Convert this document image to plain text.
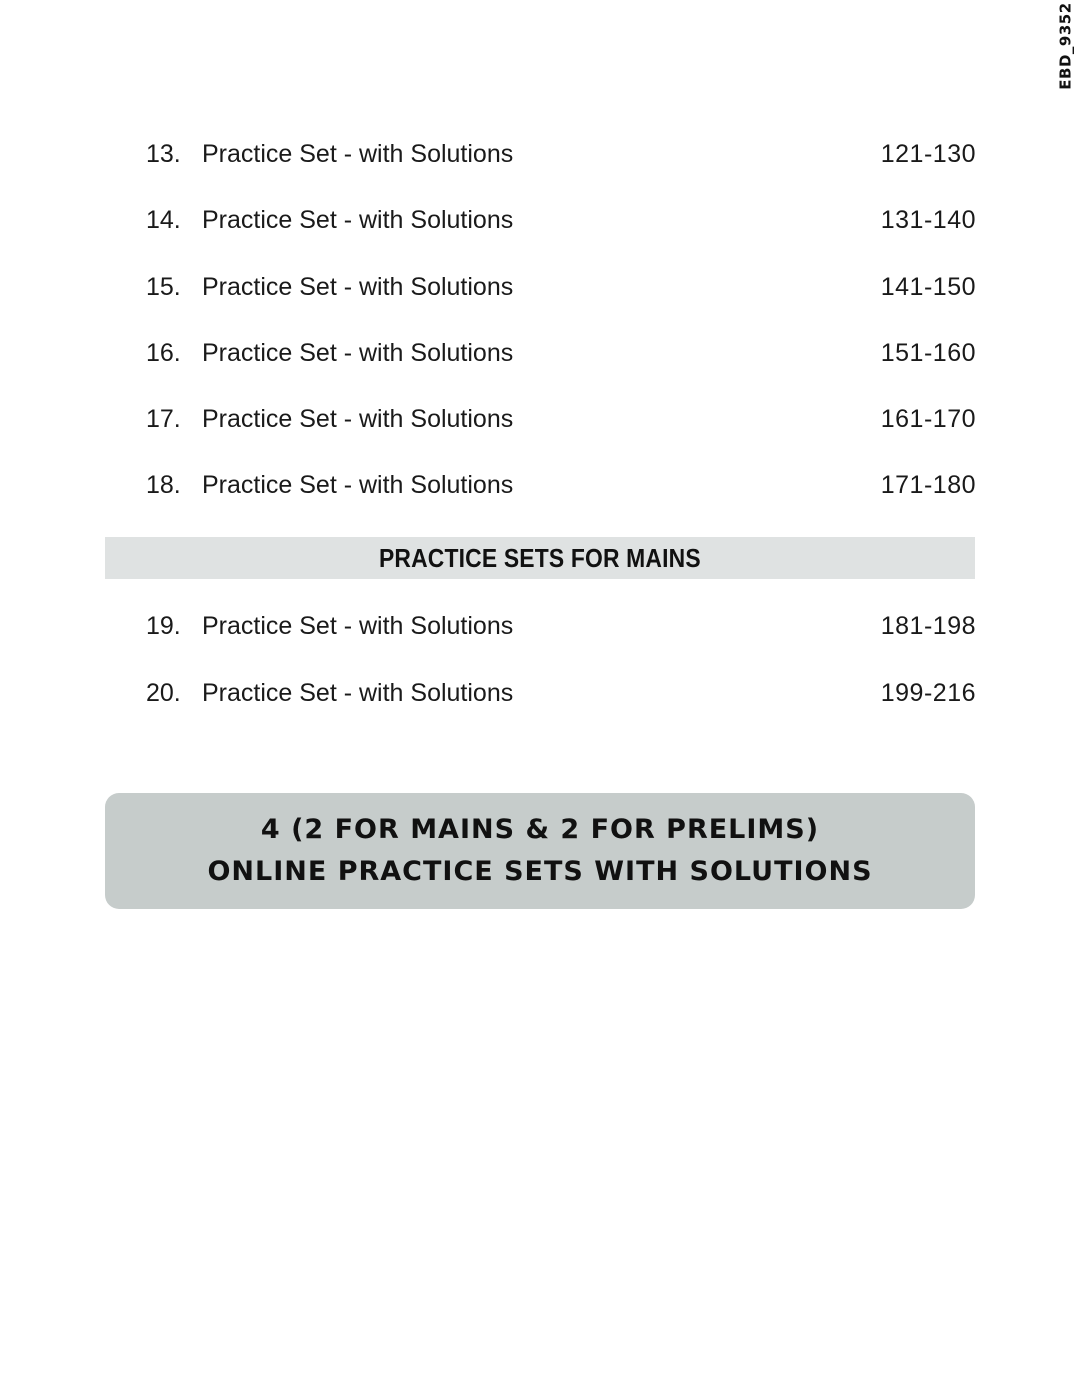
EBD_9352
13. Practice Set - with Solutions	121-130
14. Practice Set - with Solutions	131-140
15. Practice Set - with Solutions	141-150
16. Practice Set - with Solutions	151-160
17. Practice Set - with Solutions	161-170
18. Practice Set - with Solutions	171-180
PRACTICE SETS FOR MAINS
19. Practice Set - with Solutions	181-198
20. Practice Set - with Solutions	199-216
4 (2 FOR MAINS & 2 FOR PRELIMS)
ONLINE PRACTICE SETS WITH SOLUTIONS
